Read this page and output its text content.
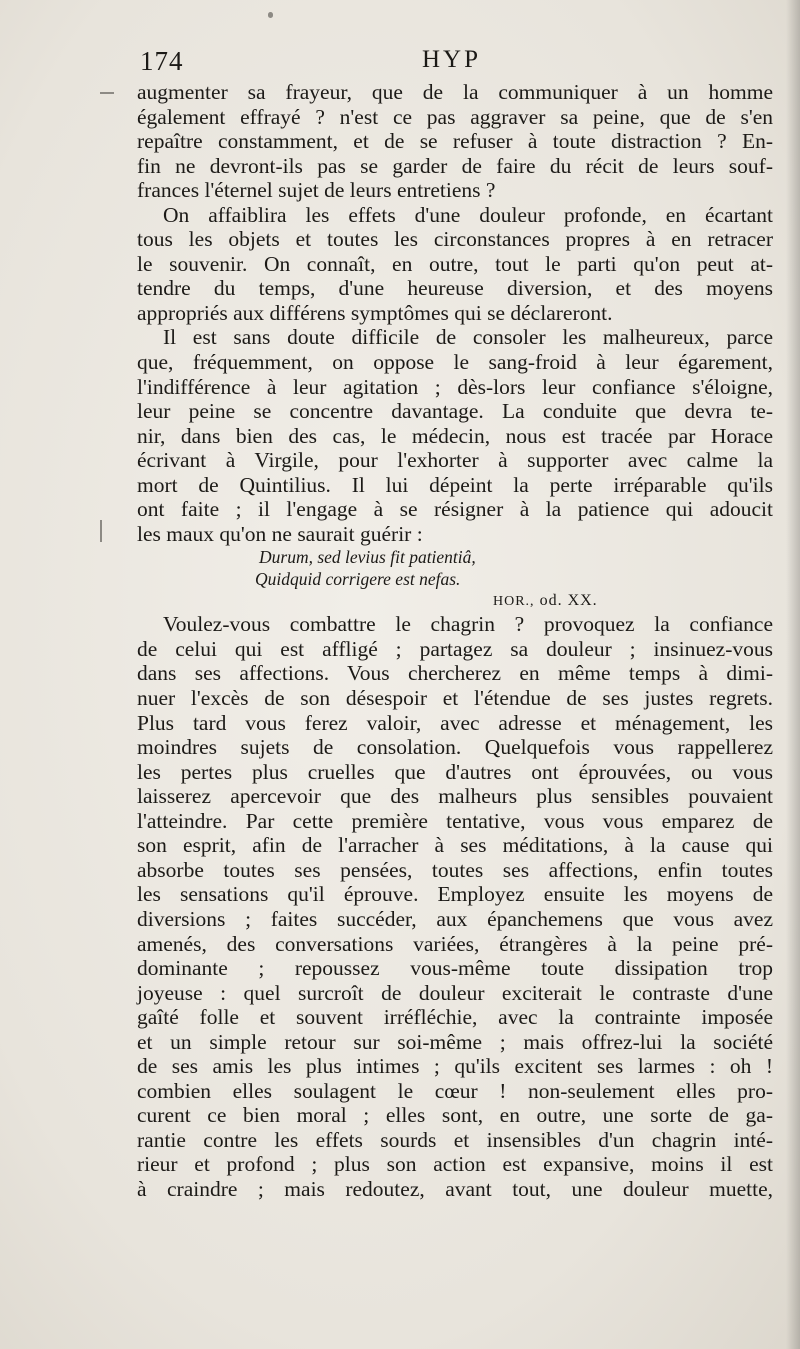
174	HYP
augmenter sa frayeur, que de la communiquer à un homme
également effrayé ? n'est ce pas aggraver sa peine, que de s'en
repaître constamment, et de se refuser à toute distraction ? En-
fin ne devront-ils pas se garder de faire du récit de leurs souf-
frances l'éternel sujet de leurs entretiens ?
On affaiblira les effets d'une douleur profonde, en écartant
tous les objets et toutes les circonstances propres à en retracer
le souvenir. On connaît, en outre, tout le parti qu'on peut at-
tendre du temps, d'une heureuse diversion, et des moyens
appropriés aux différens symptômes qui se déclareront.
Il est sans doute difficile de consoler les malheureux, parce
que, fréquemment, on oppose le sang-froid à leur égarement,
l'indifférence à leur agitation ; dès-lors leur confiance s'éloigne,
leur peine se concentre davantage. La conduite que devra te-
nir, dans bien des cas, le médecin, nous est tracée par Horace
écrivant à Virgile, pour l'exhorter à supporter avec calme la
mort de Quintilius. Il lui dépeint la perte irréparable qu'ils
ont faite ; il l'engage à se résigner à la patience qui adoucit
les maux qu'on ne saurait guérir :
Durum, sed levius fit patientiâ,
Quidquid corrigere est nefas.
HOR., od. XX.
Voulez-vous combattre le chagrin ? provoquez la confiance
de celui qui est affligé ; partagez sa douleur ; insinuez-vous
dans ses affections. Vous chercherez en même temps à dimi-
nuer l'excès de son désespoir et l'étendue de ses justes regrets.
Plus tard vous ferez valoir, avec adresse et ménagement, les
moindres sujets de consolation. Quelquefois vous rappellerez
les pertes plus cruelles que d'autres ont éprouvées, ou vous
laisserez apercevoir que des malheurs plus sensibles pouvaient
l'atteindre. Par cette première tentative, vous vous emparez de
son esprit, afin de l'arracher à ses méditations, à la cause qui
absorbe toutes ses pensées, toutes ses affections, enfin toutes
les sensations qu'il éprouve. Employez ensuite les moyens de
diversions ; faites succéder, aux épanchemens que vous avez
amenés, des conversations variées, étrangères à la peine pré-
dominante ; repoussez vous-même toute dissipation trop
joyeuse : quel surcroît de douleur exciterait le contraste d'une
gaîté folle et souvent irréfléchie, avec la contrainte imposée
et un simple retour sur soi-même ; mais offrez-lui la société
de ses amis les plus intimes ; qu'ils excitent ses larmes : oh !
combien elles soulagent le cœur ! non-seulement elles pro-
curent ce bien moral ; elles sont, en outre, une sorte de ga-
rantie contre les effets sourds et insensibles d'un chagrin inté-
rieur et profond ; plus son action est expansive, moins il est
à craindre ; mais redoutez, avant tout, une douleur muette,
